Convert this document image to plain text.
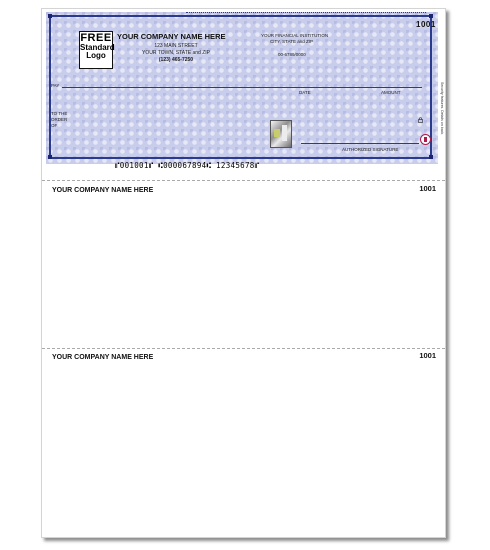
1001
FREE
Standard
Logo
YOUR COMPANY NAME HERE
123 MAIN STREET
YOUR TOWN, STATE and ZIP
(123) 465-7250
YOUR FINANCIAL INSTITUTION
CITY, STATE and ZIP
00-6789/0000
PAY
DATE	AMOUNT
TO THE
ORDER
OF
AUTHORIZED SIGNATURE
Security features. Details on back.
⑈001001⑈ ⑆000067894⑆ 12345678⑈
YOUR COMPANY NAME HERE	1001
YOUR COMPANY NAME HERE	1001
